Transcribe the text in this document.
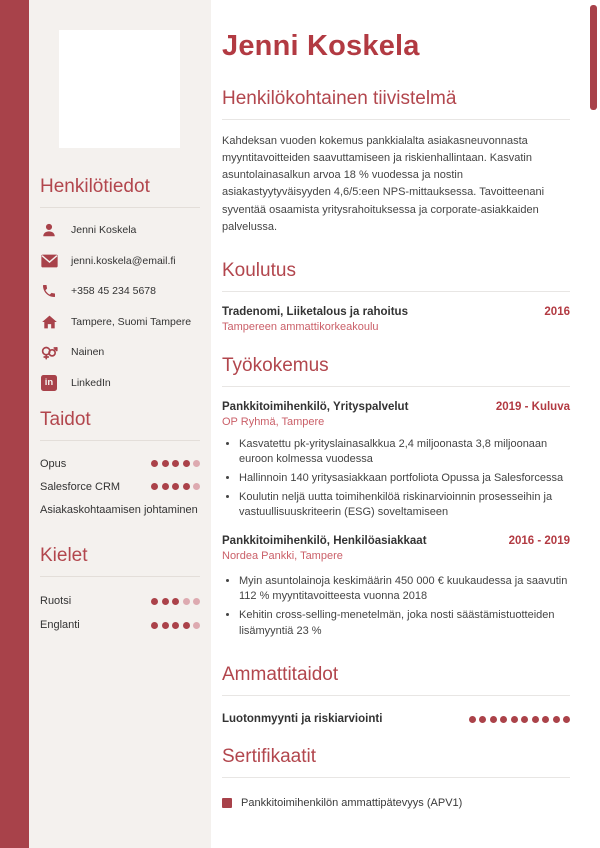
Henkilötiedot
Jenni Koskela
jenni.koskela@email.fi
+358 45 234 5678
Tampere, Suomi Tampere
Nainen
in	LinkedIn
Taidot
Opus
Salesforce CRM
Asiakaskohtaamisen johtaminen
Kielet
Ruotsi
Englanti
Jenni Koskela
Henkilökohtainen tiivistelmä

Kahdeksan vuoden kokemus pankkialalta asiakasneuvonnasta myyntitavoitteiden saavuttamiseen ja riskienhallintaan. Kasvatin asuntolainasalkun arvoa 18 % vuodessa ja nostin asiakastyytyväisyyden 4,6/5:een NPS-mittauksessa. Tavoitteenani syventää osaamista yritysrahoituksessa ja corporate-asiakkaiden palvelussa.

Koulutus
Tradenomi, Liiketalous ja rahoitus	2016
Tampereen ammattikorkeakoulu
Työkokemus
Pankkitoimihenkilö, Yrityspalvelut	2019 - Kuluva
OP Ryhmä, Tampere
• Kasvatettu pk-yrityslainasalkkua 2,4 miljoonasta 3,8 miljoonaan euroon kolmessa vuodessa
• Hallinnoin 140 yritysasiakkaan portfoliota Opussa ja Salesforcessa
• Koulutin neljä uutta toimihenkilöä riskinarvioinnin prosesseihin ja vastuullisuuskriteerin (ESG) soveltamiseen
Pankkitoimihenkilö, Henkilöasiakkaat	2016 - 2019
Nordea Pankki, Tampere
• Myin asuntolainoja keskimäärin 450 000 € kuukaudessa ja saavutin 112 % myyntitavoitteesta vuonna 2018
• Kehitin cross-selling-menetelmän, joka nosti säästämistuotteiden lisämyyntiä 23 %
Ammattitaidot
Luotonmyynti ja riskiarviointi
Sertifikaatit
Pankkitoimihenkilön ammattipätevyys (APV1)
